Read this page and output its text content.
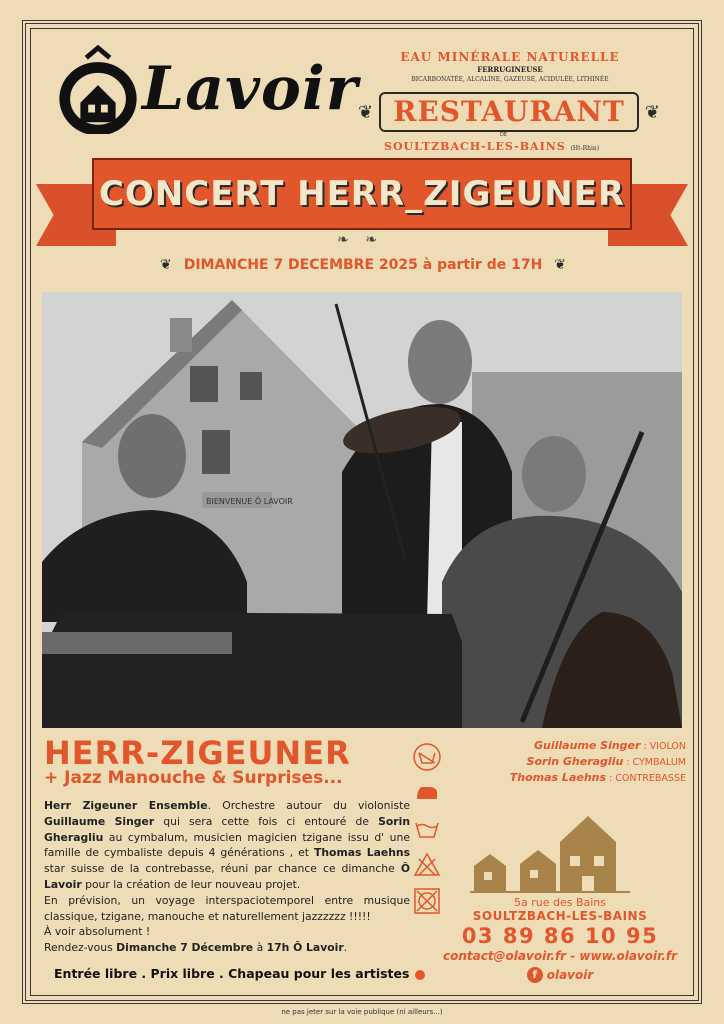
Lavoir	EAU MINÉRALE NATURELLE
FERRUGINEUSE
BICARBONATÉE, ALCALINE, GAZEUSE, ACIDULÉE, LITHINÉE
❦ RESTAURANT	❦
DE
SOULTZBACH-LES-BAINS (Ht-Rhin)
CONCERT HERR_ZIGEUNER
❧ ❧
❦ DIMANCHE 7 DECEMBRE 2025 à partir de 17H ❦
BIENVENUE Ô LAVOIR
HERR-ZIGEUNER
+ Jazz Manouche & Surprises...
Herr Zigeuner Ensemble. Orchestre autour du violoniste Guillaume Singer qui sera cette fois ci entouré de Sorin Gheragliu au cymbalum, musicien magicien tzigane issu d' une famille de cymbaliste depuis 4 générations , et Thomas Laehns star suisse de la contrebasse, réuni par chance ce dimanche Ô Lavoir pour la création de leur nouveau projet.
En prévision, un voyage interspaciotemporel entre musique classique, tzigane, manouche et naturellement jazzzzzz !!!!!
À voir absolument !
Rendez-vous Dimanche 7 Décembre à 17h Ô Lavoir.
Entrée libre . Prix libre . Chapeau pour les artistes
Guillaume Singer : VIOLON
Sorin Gheragliu : CYMBALUM
Thomas Laehns : CONTREBASSE
5a rue des Bains
SOULTZBACH-LES-BAINS
03 89 86 10 95
contact@olavoir.fr - www.olavoir.fr
f olavoir
ne pas jeter sur la voie publique (ni ailleurs...)
